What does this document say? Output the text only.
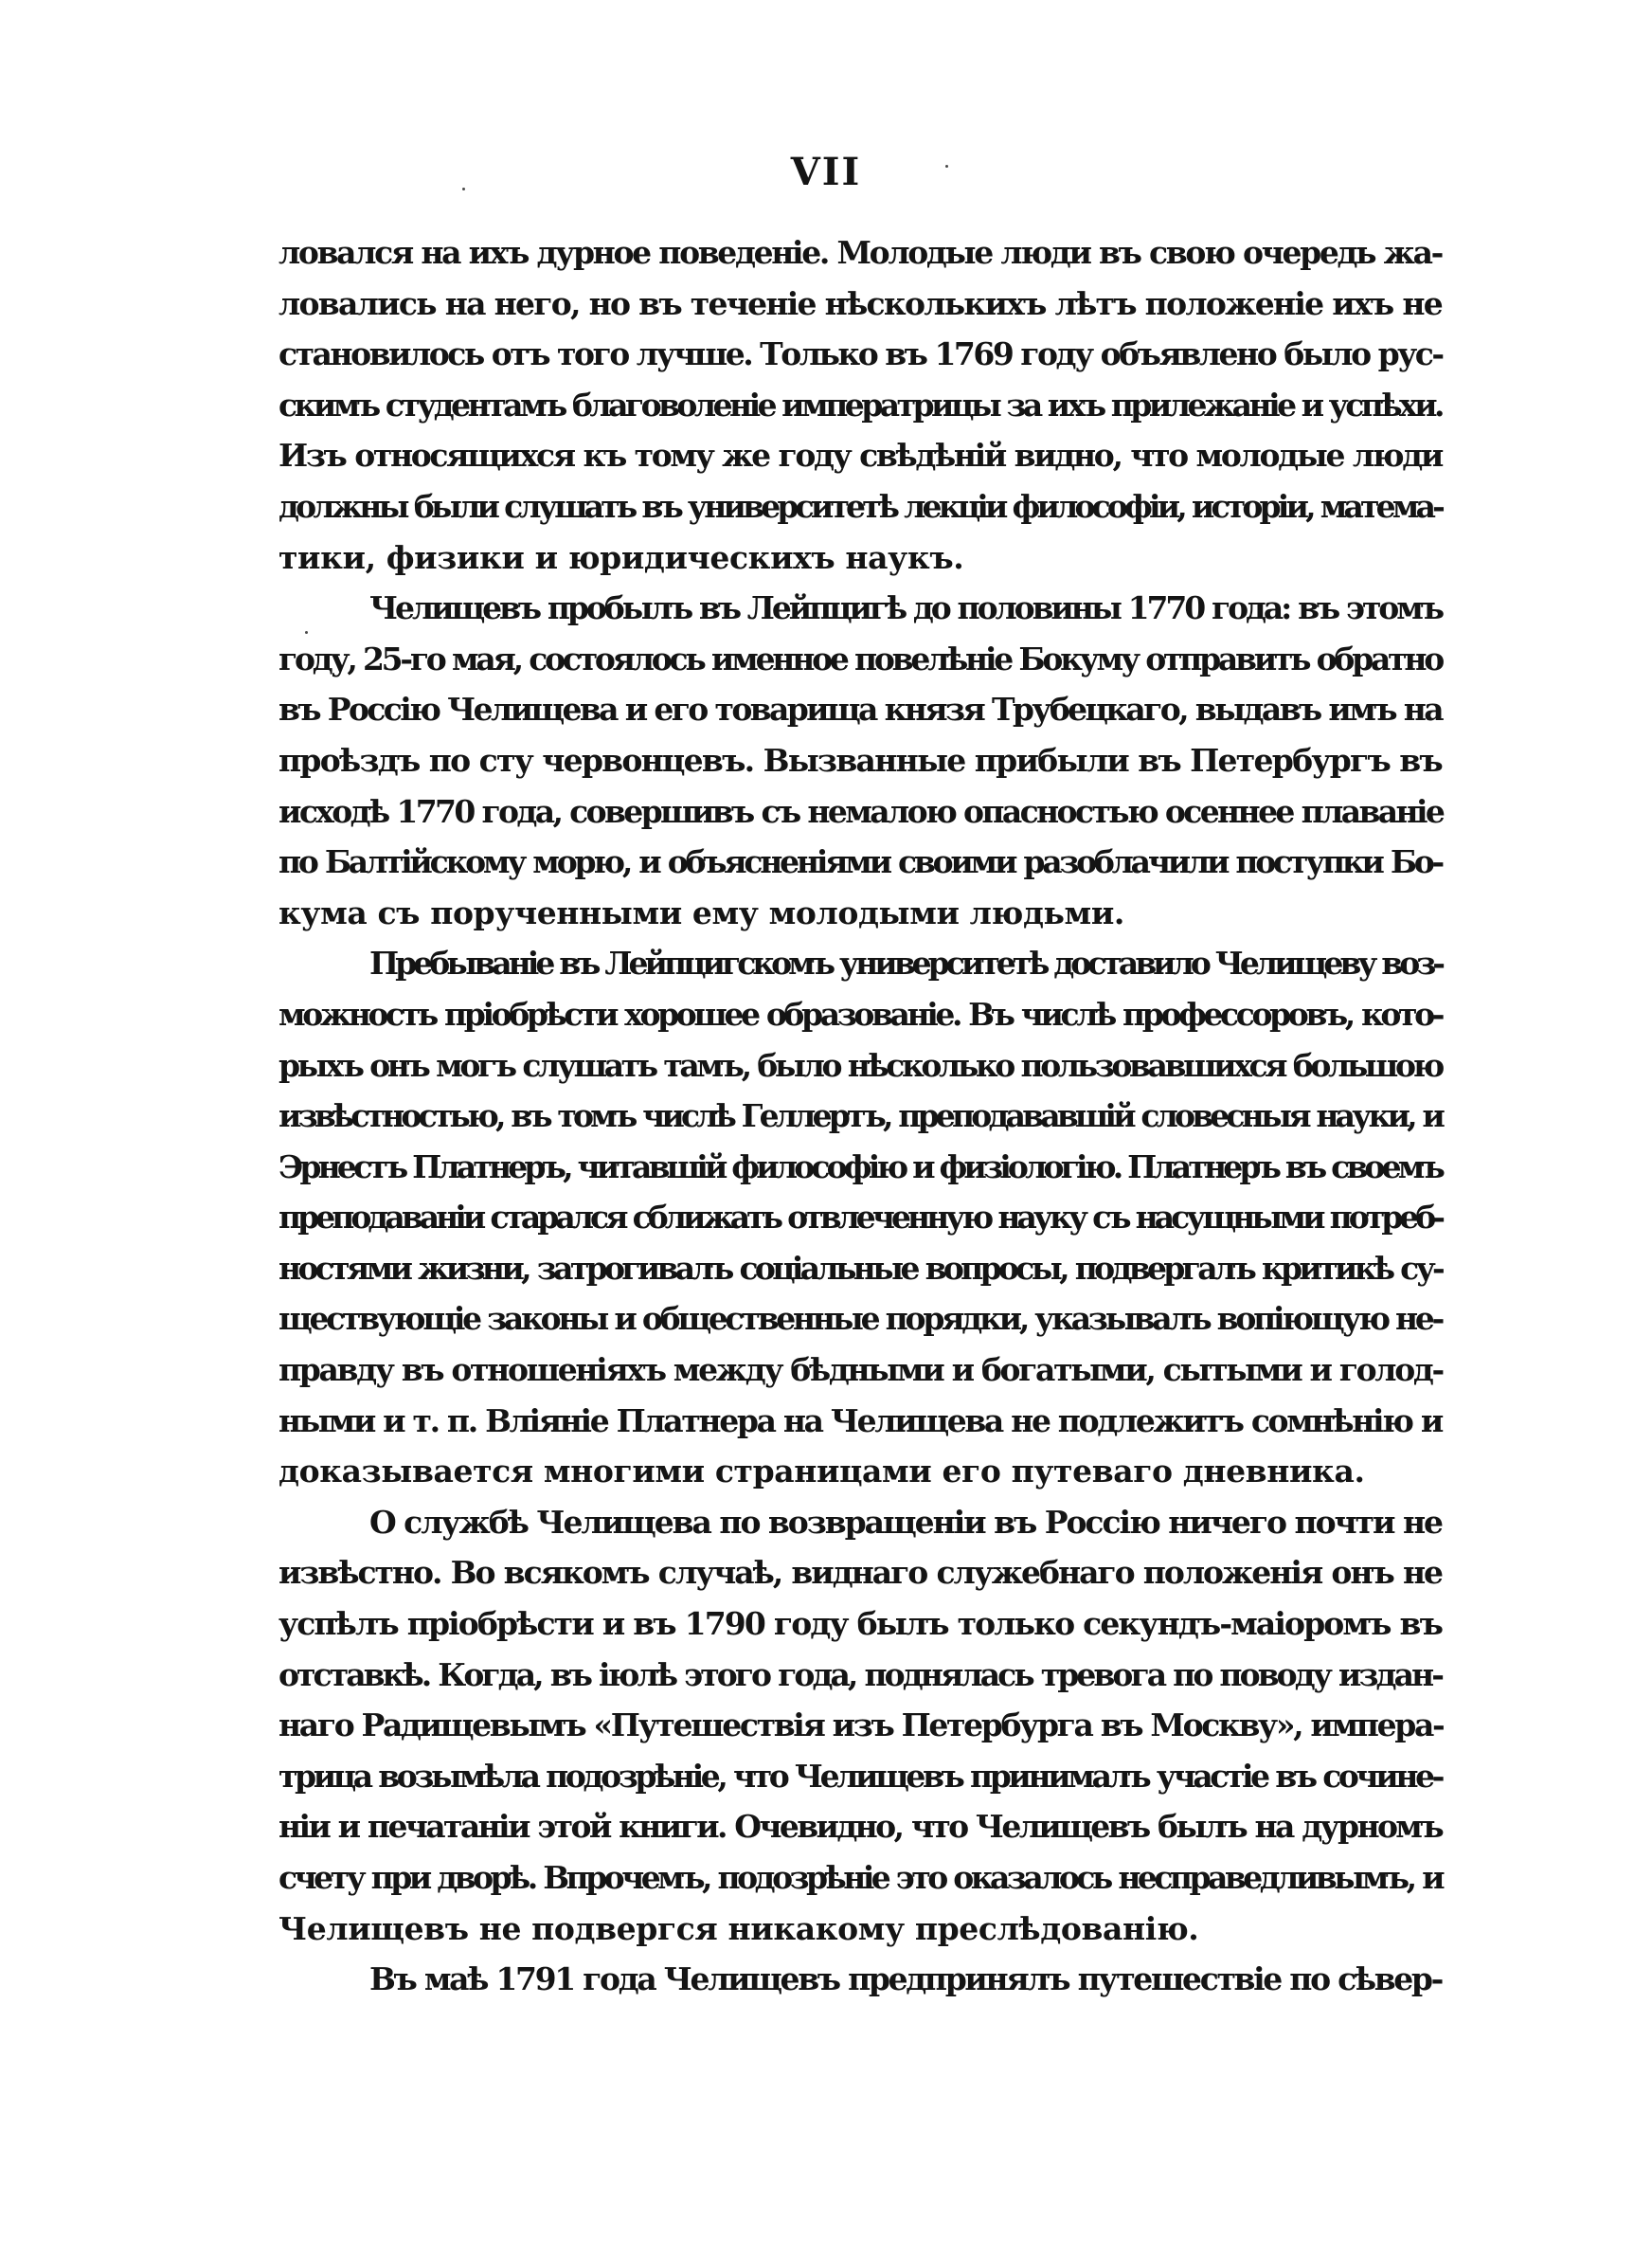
VII
ловался на ихъ дурное поведеніе. Молодые люди въ свою очередь жа-
ловались на него, но въ теченіе нѣсколькихъ лѣтъ положеніе ихъ не
становилось отъ того лучше. Только въ 1769 году объявлено было рус-
скимъ студентамъ благоволеніе императрицы за ихъ прилежаніе и успѣхи.
Изъ относящихся къ тому же году свѣдѣній видно, что молодые люди
должны были слушать въ университетѣ лекціи философіи, исторіи, матема-
тики, физики и юридическихъ наукъ.
Челищевъ пробылъ въ Лейпцигѣ до половины 1770 года: въ этомъ
году, 25-го мая, состоялось именное повелѣніе Бокуму отправить обратно
въ Россію Челищева и его товарища князя Трубецкаго, выдавъ имъ на
проѣздъ по сту червонцевъ. Вызванные прибыли въ Петербургъ въ
исходѣ 1770 года, совершивъ съ немалою опасностью осеннее плаваніе
по Балтійскому морю, и объясненіями своими разоблачили поступки Бо-
кума съ порученными ему молодыми людьми.
Пребываніе въ Лейпцигскомъ университетѣ доставило Челищеву воз-
можность пріобрѣсти хорошее образованіе. Въ числѣ профессоровъ, кото-
рыхъ онъ могъ слушать тамъ, было нѣсколько пользовавшихся большою
извѣстностью, въ томъ числѣ Геллертъ, преподававшій словесныя науки, и
Эрнестъ Платнеръ, читавшій философію и физіологію. Платнеръ въ своемъ
преподаваніи старался сближать отвлеченную науку съ насущными потреб-
ностями жизни, затрогивалъ соціальные вопросы, подвергалъ критикѣ су-
ществующіе законы и общественные порядки, указывалъ вопіющую не-
правду въ отношеніяхъ между бѣдными и богатыми, сытыми и голод-
ными и т. п. Вліяніе Платнера на Челищева не подлежитъ сомнѣнію и
доказывается многими страницами его путеваго дневника.
О службѣ Челищева по возвращеніи въ Россію ничего почти не
извѣстно. Во всякомъ случаѣ, виднаго служебнаго положенія онъ не
успѣлъ пріобрѣсти и въ 1790 году былъ только секундъ-маіоромъ въ
отставкѣ. Когда, въ іюлѣ этого года, поднялась тревога по поводу издан-
наго Радищевымъ «Путешествія изъ Петербурга въ Москву», импера-
трица возымѣла подозрѣніе, что Челищевъ принималъ участіе въ сочине-
ніи и печатаніи этой книги. Очевидно, что Челищевъ былъ на дурномъ
счету при дворѣ. Впрочемъ, подозрѣніе это оказалось несправедливымъ, и
Челищевъ не подвергся никакому преслѣдованію.
Въ маѣ 1791 года Челищевъ предпринялъ путешествіе по сѣвер-
